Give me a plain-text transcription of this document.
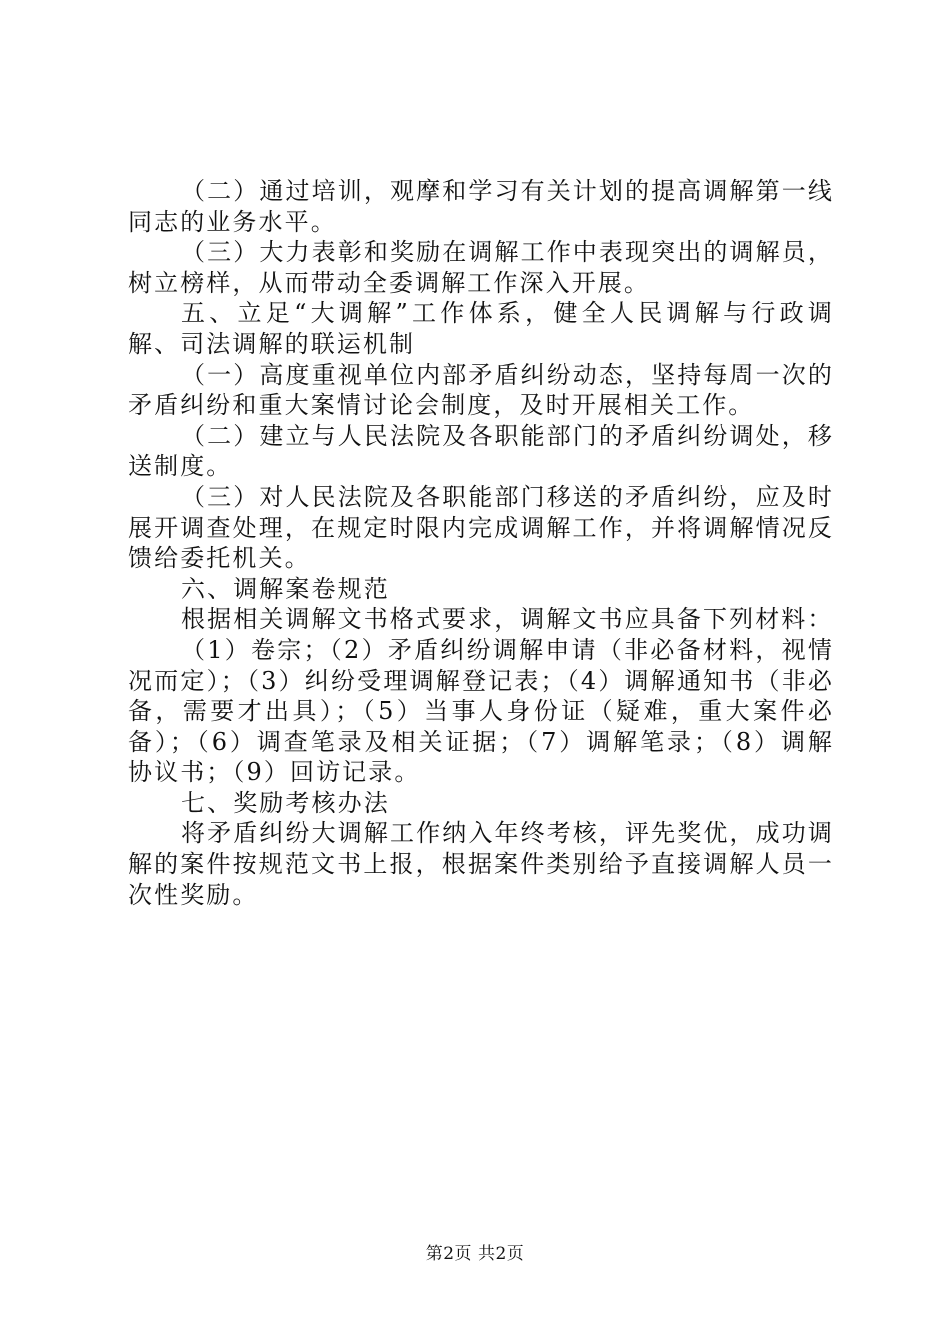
（二）通过培训，观摩和学习有关计划的提高调解第一线同志的业务水平。

（三）大力表彰和奖励在调解工作中表现突出的调解员，树立榜样，从而带动全委调解工作深入开展。

五、立足“大调解”工作体系，健全人民调解与行政调解、司法调解的联运机制

（一）高度重视单位内部矛盾纠纷动态，坚持每周一次的矛盾纠纷和重大案情讨论会制度，及时开展相关工作。

（二）建立与人民法院及各职能部门的矛盾纠纷调处，移送制度。

（三）对人民法院及各职能部门移送的矛盾纠纷，应及时展开调查处理，在规定时限内完成调解工作，并将调解情况反馈给委托机关。

六、调解案卷规范

根据相关调解文书格式要求，调解文书应具备下列材料：

（1）卷宗；（2）矛盾纠纷调解申请（非必备材料，视情况而定）；（3）纠纷受理调解登记表；（4）调解通知书（非必备，需要才出具）；（5）当事人身份证（疑难，重大案件必备）；（6）调查笔录及相关证据；（7）调解笔录；（8）调解协议书；（9）回访记录。

七、奖励考核办法

将矛盾纠纷大调解工作纳入年终考核，评先奖优，成功调解的案件按规范文书上报，根据案件类别给予直接调解人员一次性奖励。

第2页 共2页
